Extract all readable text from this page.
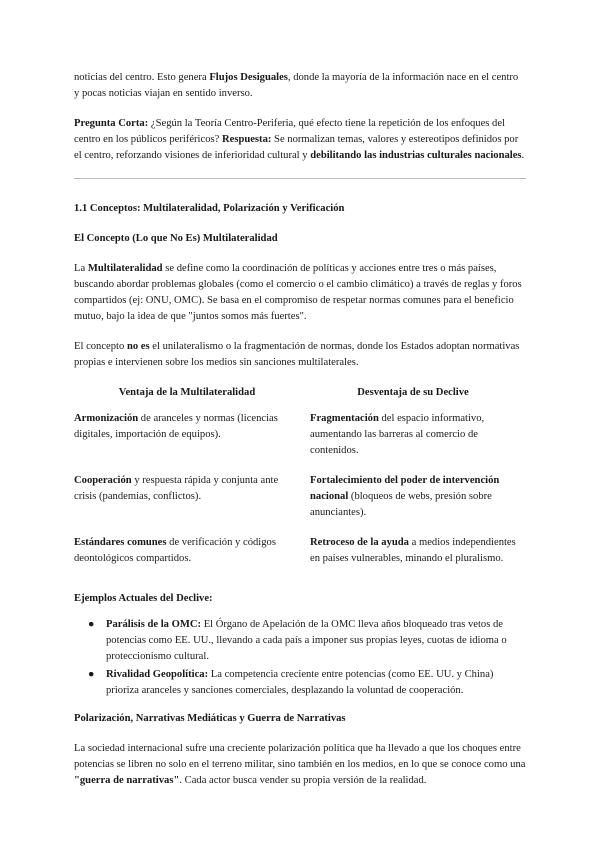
noticias del centro. Esto genera Flujos Desiguales, donde la mayoría de la información nace en el centro y pocas noticias viajan en sentido inverso.

Pregunta Corta: ¿Según la Teoría Centro-Periferia, qué efecto tiene la repetición de los enfoques del centro en los públicos periféricos? Respuesta: Se normalizan temas, valores y estereotipos definidos por el centro, reforzando visiones de inferioridad cultural y debilitando las industrias culturales nacionales.

1.1 Conceptos: Multilateralidad, Polarización y Verificación

El Concepto (Lo que No Es) Multilateralidad

La Multilateralidad se define como la coordinación de políticas y acciones entre tres o más países, buscando abordar problemas globales (como el comercio o el cambio climático) a través de reglas y foros compartidos (ej: ONU, OMC). Se basa en el compromiso de respetar normas comunes para el beneficio mutuo, bajo la idea de que "juntos somos más fuertes".

El concepto no es el unilateralismo o la fragmentación de normas, donde los Estados adoptan normativas propias e intervienen sobre los medios sin sanciones multilaterales.

Ventaja de la Multilateralidad	Desventaja de su Declive
Armonización de aranceles y normas (licencias digitales, importación de equipos).	Fragmentación del espacio informativo, aumentando las barreras al comercio de contenidos.
Cooperación y respuesta rápida y conjunta ante crisis (pandemias, conflictos).	Fortalecimiento del poder de intervención nacional (bloqueos de webs, presión sobre anunciantes).
Estándares comunes de verificación y códigos deontológicos compartidos.	Retroceso de la ayuda a medios independientes en países vulnerables, minando el pluralismo.

Ejemplos Actuales del Declive:

● Parálisis de la OMC: El Órgano de Apelación de la OMC lleva años bloqueado tras vetos de potencias como EE. UU., llevando a cada país a imponer sus propias leyes, cuotas de idioma o proteccionismo cultural.
● Rivalidad Geopolítica: La competencia creciente entre potencias (como EE. UU. y China) prioriza aranceles y sanciones comerciales, desplazando la voluntad de cooperación.

Polarización, Narrativas Mediáticas y Guerra de Narrativas

La sociedad internacional sufre una creciente polarización política que ha llevado a que los choques entre potencias se libren no solo en el terreno militar, sino también en los medios, en lo que se conoce como una "guerra de narrativas". Cada actor busca vender su propia versión de la realidad.
